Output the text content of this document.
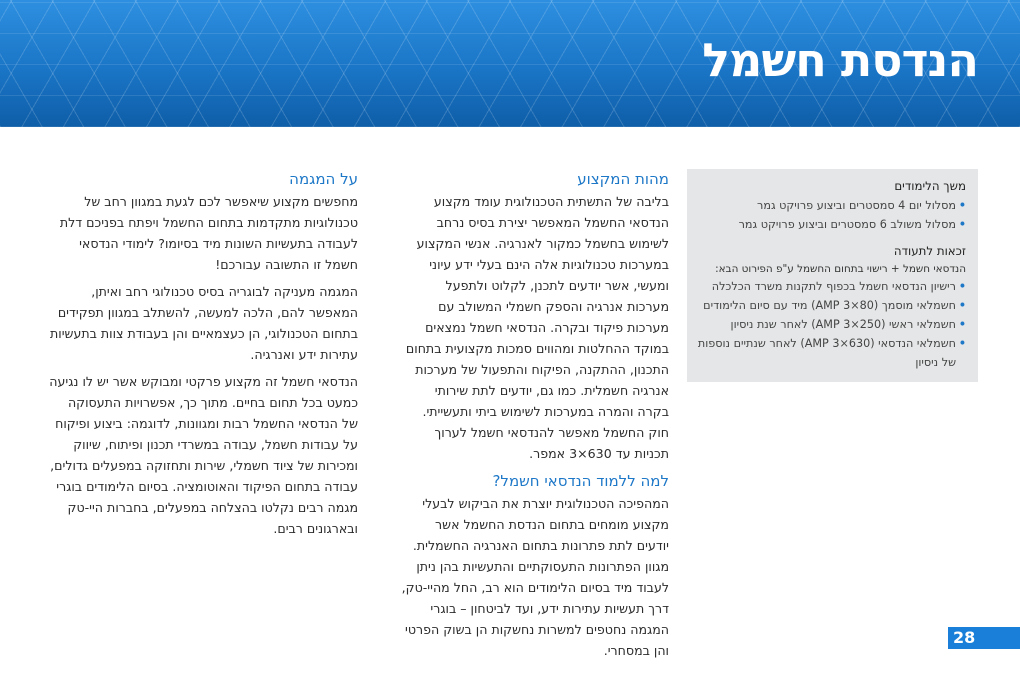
הנדסת חשמל
משך הלימודים
•
מסלול יום 4 סמסטרים וביצוע פרויקט גמר
•
מסלול משולב 6 סמסטרים וביצוע פרויקט גמר
זכאות לתעודה
הנדסאי חשמל + רישוי בתחום החשמל ע"פ הפירוט הבא:
•
רישיון הנדסאי חשמל בכפוף לתקנות משרד הכלכלה
•
חשמלאי מוסמך (80×3 AMP) מיד עם סיום הלימודים
•
חשמלאי ראשי (250×3 AMP) לאחר שנת ניסיון
•
חשמלאי הנדסאי (630×3 AMP) לאחר שנתיים נוספות של ניסיון
מהות המקצוע

בליבה של התשתית הטכנולוגית עומד מקצוע הנדסאי החשמל המאפשר יצירת בסיס נרחב לשימוש בחשמל כמקור לאנרגיה. אנשי המקצוע במערכות טכנולוגיות אלה הינם בעלי ידע עיוני ומעשי, אשר יודעים לתכנן, לקלוט ולתפעל מערכות אנרגיה והספק חשמלי המשולב עם מערכות פיקוד ובקרה. הנדסאי חשמל נמצאים במוקד ההחלטות ומהווים סמכות מקצועית בתחום התכנון, ההתקנה, הפיקוח והתפעול של מערכות אנרגיה חשמלית. כמו גם, יודעים לתת שירותי בקרה והמרה במערכות לשימוש ביתי ותעשייתי. חוק החשמל מאפשר להנדסאי חשמל לערוך תכניות עד 630×3 אמפר.

למה ללמוד הנדסאי חשמל?

המהפיכה הטכנולוגית יוצרת את הביקוש לבעלי מקצוע מומחים בתחום הנדסת החשמל אשר יודעים לתת פתרונות בתחום האנרגיה החשמלית. מגוון הפתרונות התעסוקתיים והתעשיות בהן ניתן לעבוד מיד בסיום הלימודים הוא רב, החל מהיי-טק, דרך תעשיות עתירות ידע, ועד לביטחון – בוגרי המגמה נחטפים למשרות נחשקות הן בשוק הפרטי והן במסחרי.

על המגמה

מחפשים מקצוע שיאפשר לכם לגעת במגוון רחב של טכנולוגיות מתקדמות בתחום החשמל ויפתח בפניכם דלת לעבודה בתעשיות השונות מיד בסיומו? לימודי הנדסאי חשמל זו התשובה עבורכם!

המגמה מעניקה לבוגריה בסיס טכנולוגי רחב ואיתן, המאפשר להם, הלכה למעשה, להשתלב במגוון תפקידים בתחום הטכנולוגי, הן כעצמאיים והן בעבודת צוות בתעשיות עתירות ידע ואנרגיה.

הנדסאי חשמל זה מקצוע פרקטי ומבוקש אשר יש לו נגיעה כמעט בכל תחום בחיים. מתוך כך, אפשרויות התעסוקה של הנדסאי החשמל רבות ומגוונות, לדוגמה: ביצוע ופיקוח על עבודות חשמל, עבודה במשרדי תכנון ופיתוח, שיווק ומכירות של ציוד חשמלי, שירות ותחזוקה במפעלים גדולים, עבודה בתחום הפיקוד והאוטומציה. בסיום הלימודים בוגרי מגמה רבים נקלטו בהצלחה במפעלים, בחברות היי-טק ובארגונים רבים.

28
